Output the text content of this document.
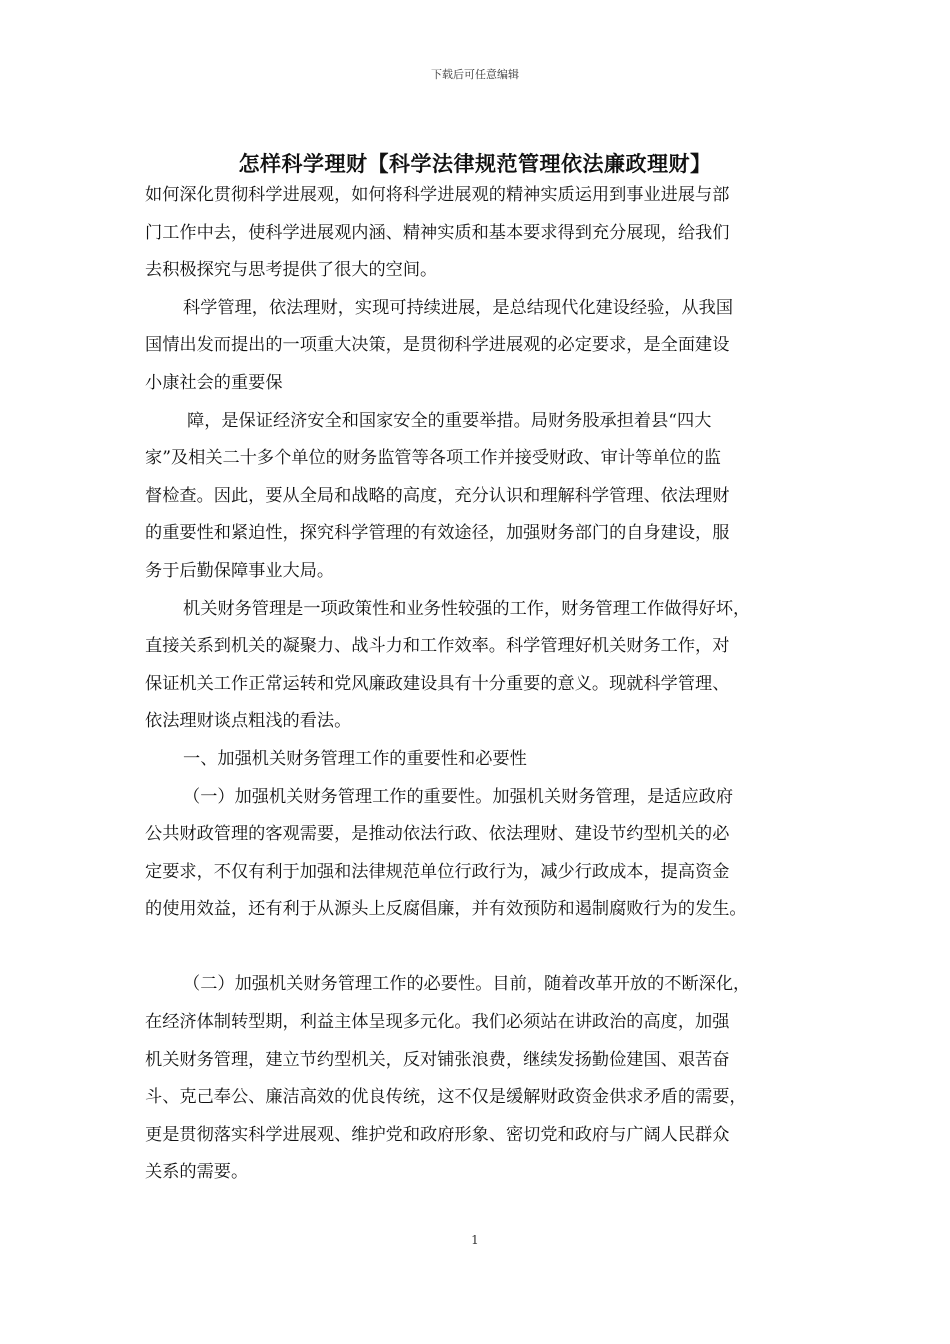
下载后可任意编辑
怎样科学理财【科学法律规范管理依法廉政理财】
如何深化贯彻科学进展观，如何将科学进展观的精神实质运用到事业进展与部
门工作中去，使科学进展观内涵、精神实质和基本要求得到充分展现，给我们
去积极探究与思考提供了很大的空间。
科学管理，依法理财，实现可持续进展，是总结现代化建设经验，从我国
国情出发而提出的一项重大决策，是贯彻科学进展观的必定要求，是全面建设
小康社会的重要保
障，是保证经济安全和国家安全的重要举措。局财务股承担着县“四大
家”及相关二十多个单位的财务监管等各项工作并接受财政、审计等单位的监
督检查。因此，要从全局和战略的高度，充分认识和理解科学管理、依法理财
的重要性和紧迫性，探究科学管理的有效途径，加强财务部门的自身建设，服
务于后勤保障事业大局。
机关财务管理是一项政策性和业务性较强的工作，财务管理工作做得好坏，
直接关系到机关的凝聚力、战斗力和工作效率。科学管理好机关财务工作，对
保证机关工作正常运转和党风廉政建设具有十分重要的意义。现就科学管理、
依法理财谈点粗浅的看法。
一、加强机关财务管理工作的重要性和必要性
（一）加强机关财务管理工作的重要性。加强机关财务管理，是适应政府
公共财政管理的客观需要，是推动依法行政、依法理财、建设节约型机关的必
定要求，不仅有利于加强和法律规范单位行政行为，减少行政成本，提高资金
的使用效益，还有利于从源头上反腐倡廉，并有效预防和遏制腐败行为的发生。
（二）加强机关财务管理工作的必要性。目前，随着改革开放的不断深化，
在经济体制转型期，利益主体呈现多元化。我们必须站在讲政治的高度，加强
机关财务管理，建立节约型机关，反对铺张浪费，继续发扬勤俭建国、艰苦奋
斗、克己奉公、廉洁高效的优良传统，这不仅是缓解财政资金供求矛盾的需要，
更是贯彻落实科学进展观、维护党和政府形象、密切党和政府与广阔人民群众
关系的需要。
1
